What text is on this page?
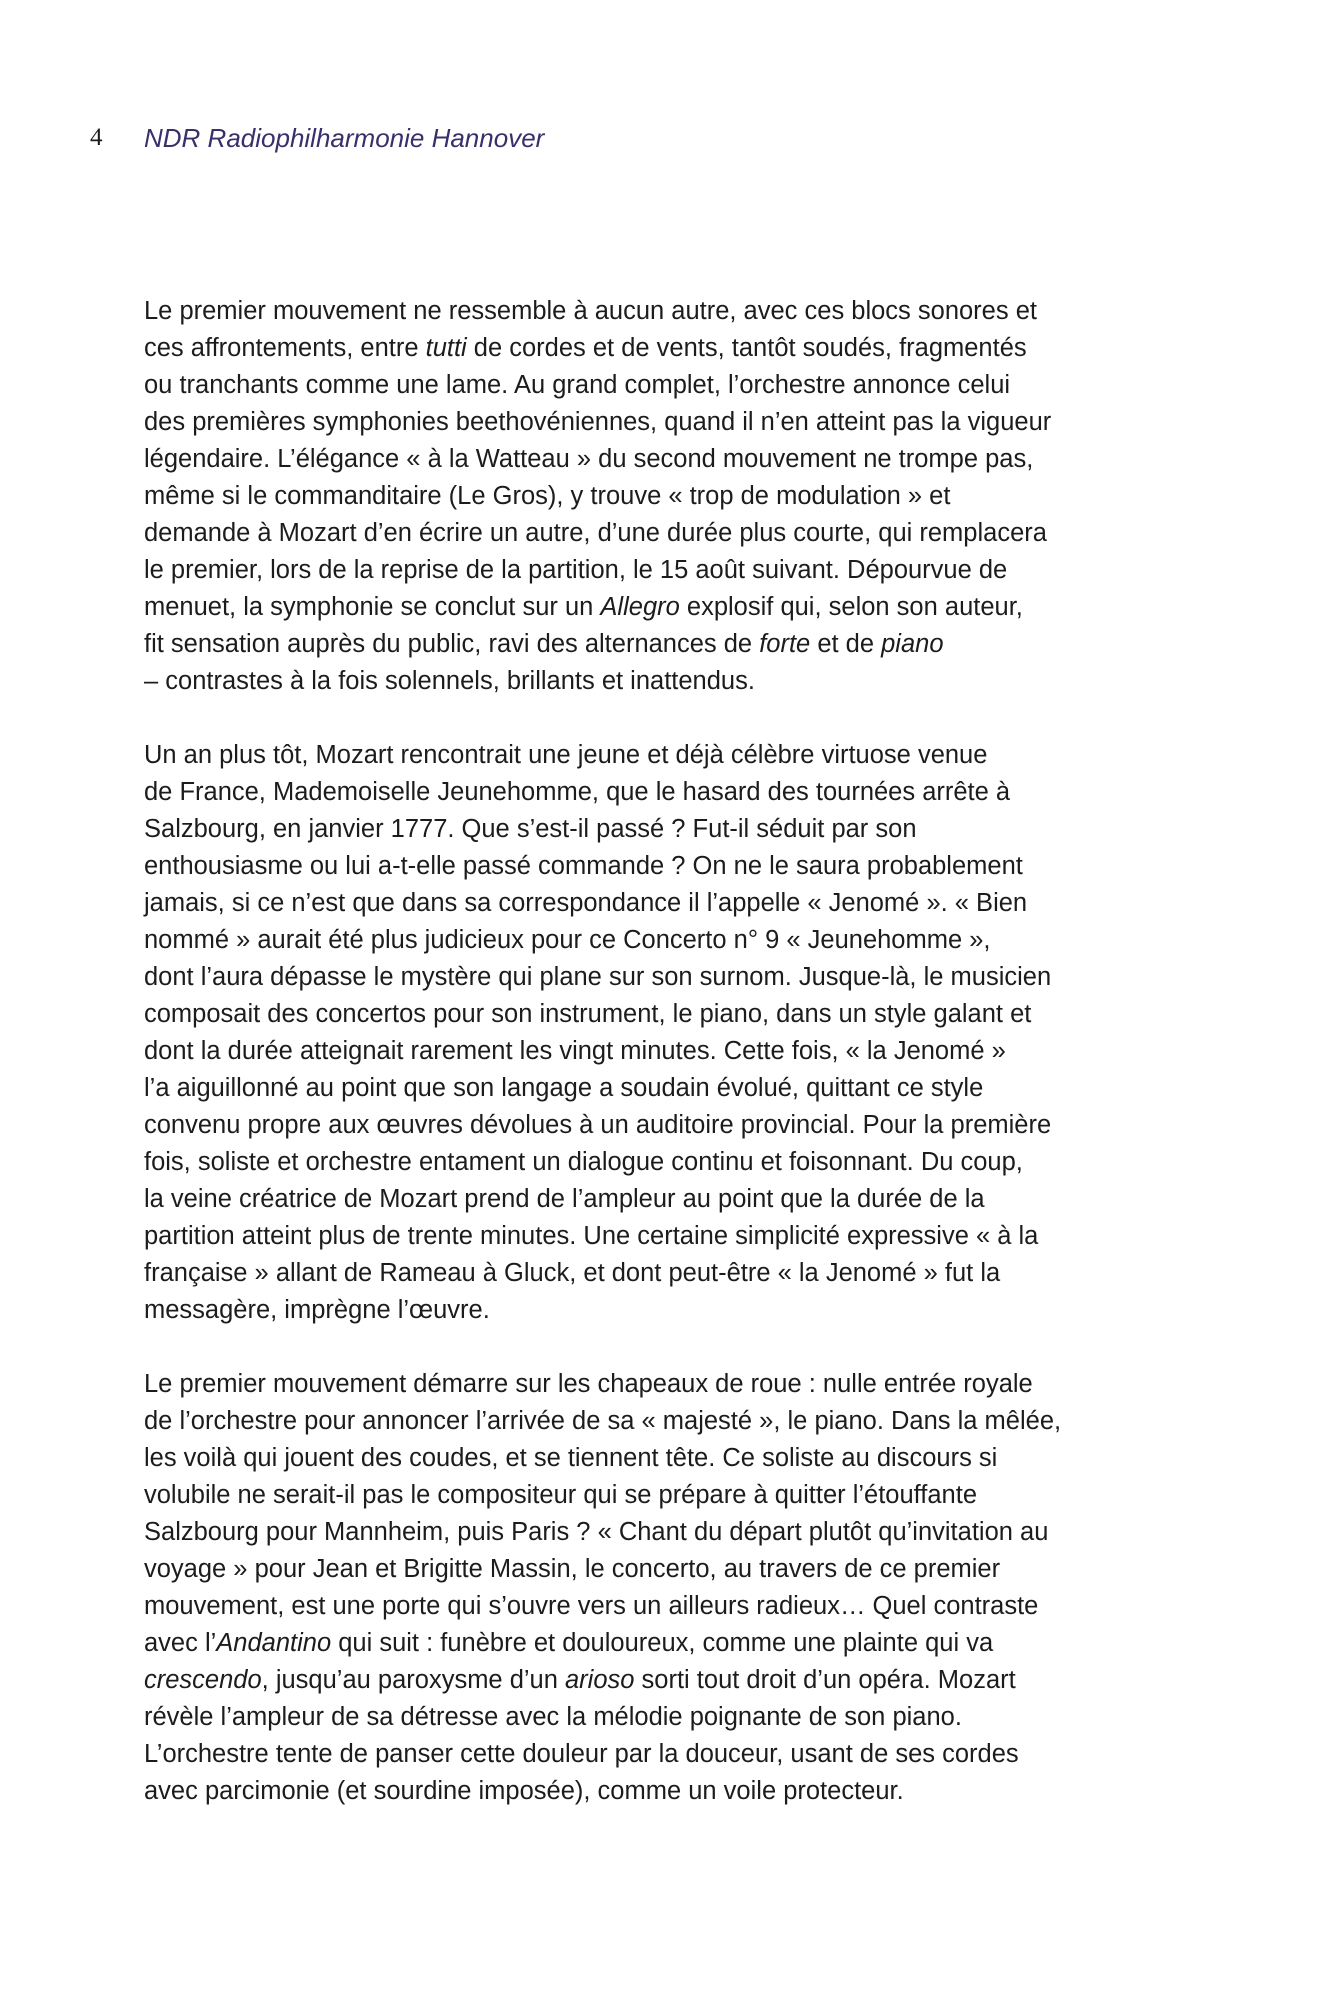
4	NDR Radiophilharmonie Hannover
Le premier mouvement ne ressemble à aucun autre, avec ces blocs sonores et
ces affrontements, entre tutti de cordes et de vents, tantôt soudés, fragmentés
ou tranchants comme une lame. Au grand complet, l’orchestre annonce celui
des premières symphonies beethovéniennes, quand il n’en atteint pas la vigueur
légendaire. L’élégance « à la Watteau » du second mouvement ne trompe pas,
même si le commanditaire (Le Gros), y trouve « trop de modulation » et
demande à Mozart d’en écrire un autre, d’une durée plus courte, qui remplacera
le premier, lors de la reprise de la partition, le 15 août suivant. Dépourvue de
menuet, la symphonie se conclut sur un Allegro explosif qui, selon son auteur,
fit sensation auprès du public, ravi des alternances de forte et de piano
– contrastes à la fois solennels, brillants et inattendus.
Un an plus tôt, Mozart rencontrait une jeune et déjà célèbre virtuose venue
de France, Mademoiselle Jeunehomme, que le hasard des tournées arrête à
Salzbourg, en janvier 1777. Que s’est-il passé ? Fut-il séduit par son
enthousiasme ou lui a-t-elle passé commande ? On ne le saura probablement
jamais, si ce n’est que dans sa correspondance il l’appelle « Jenomé ». « Bien
nommé » aurait été plus judicieux pour ce Concerto n° 9 « Jeunehomme »,
dont l’aura dépasse le mystère qui plane sur son surnom. Jusque-là, le musicien
composait des concertos pour son instrument, le piano, dans un style galant et
dont la durée atteignait rarement les vingt minutes. Cette fois, « la Jenomé »
l’a aiguillonné au point que son langage a soudain évolué, quittant ce style
convenu propre aux œuvres dévolues à un auditoire provincial. Pour la première
fois, soliste et orchestre entament un dialogue continu et foisonnant. Du coup,
la veine créatrice de Mozart prend de l’ampleur au point que la durée de la
partition atteint plus de trente minutes. Une certaine simplicité expressive « à la
française » allant de Rameau à Gluck, et dont peut-être « la Jenomé » fut la
messagère, imprègne l’œuvre.
Le premier mouvement démarre sur les chapeaux de roue : nulle entrée royale
de l’orchestre pour annoncer l’arrivée de sa « majesté », le piano. Dans la mêlée,
les voilà qui jouent des coudes, et se tiennent tête. Ce soliste au discours si
volubile ne serait-il pas le compositeur qui se prépare à quitter l’étouffante
Salzbourg pour Mannheim, puis Paris ? « Chant du départ plutôt qu’invitation au
voyage » pour Jean et Brigitte Massin, le concerto, au travers de ce premier
mouvement, est une porte qui s’ouvre vers un ailleurs radieux… Quel contraste
avec l’Andantino qui suit : funèbre et douloureux, comme une plainte qui va
crescendo, jusqu’au paroxysme d’un arioso sorti tout droit d’un opéra. Mozart
révèle l’ampleur de sa détresse avec la mélodie poignante de son piano.
L’orchestre tente de panser cette douleur par la douceur, usant de ses cordes
avec parcimonie (et sourdine imposée), comme un voile protecteur.
